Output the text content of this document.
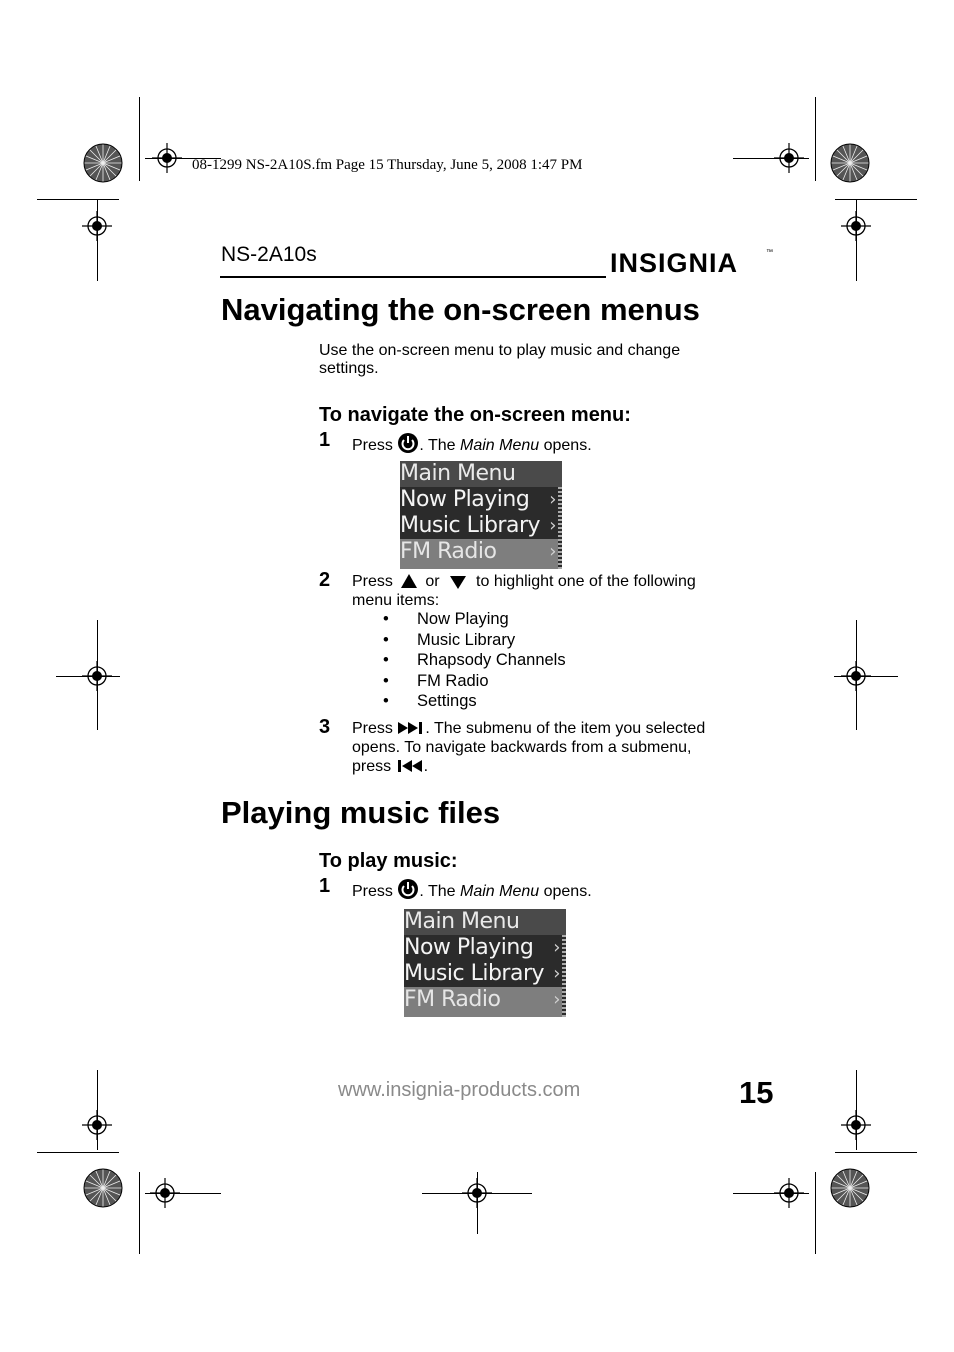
08-1299 NS-2A10S.fm Page 15 Thursday, June 5, 2008 1:47 PM
NS-2A10s	INSIGNIA	™
Navigating the on-screen menus
Use the on-screen menu to play music and change
settings.
To navigate the on-screen menu:
1 Press . The Main Menu opens.
Main Menu
Now Playing ›
Music Library ›
FM Radio	›
2 Press or to highlight one of the following
menu items:
• Now Playing
• Music Library
• Rhapsody Channels
• FM Radio
• Settings
3 Press . The submenu of the item you selected
opens. To navigate backwards from a submenu,
press .
Playing music files
To play music:
1 Press . The Main Menu opens.
Main Menu
Now Playing ›
Music Library ›
FM Radio	›
www.insignia-products.com	15
